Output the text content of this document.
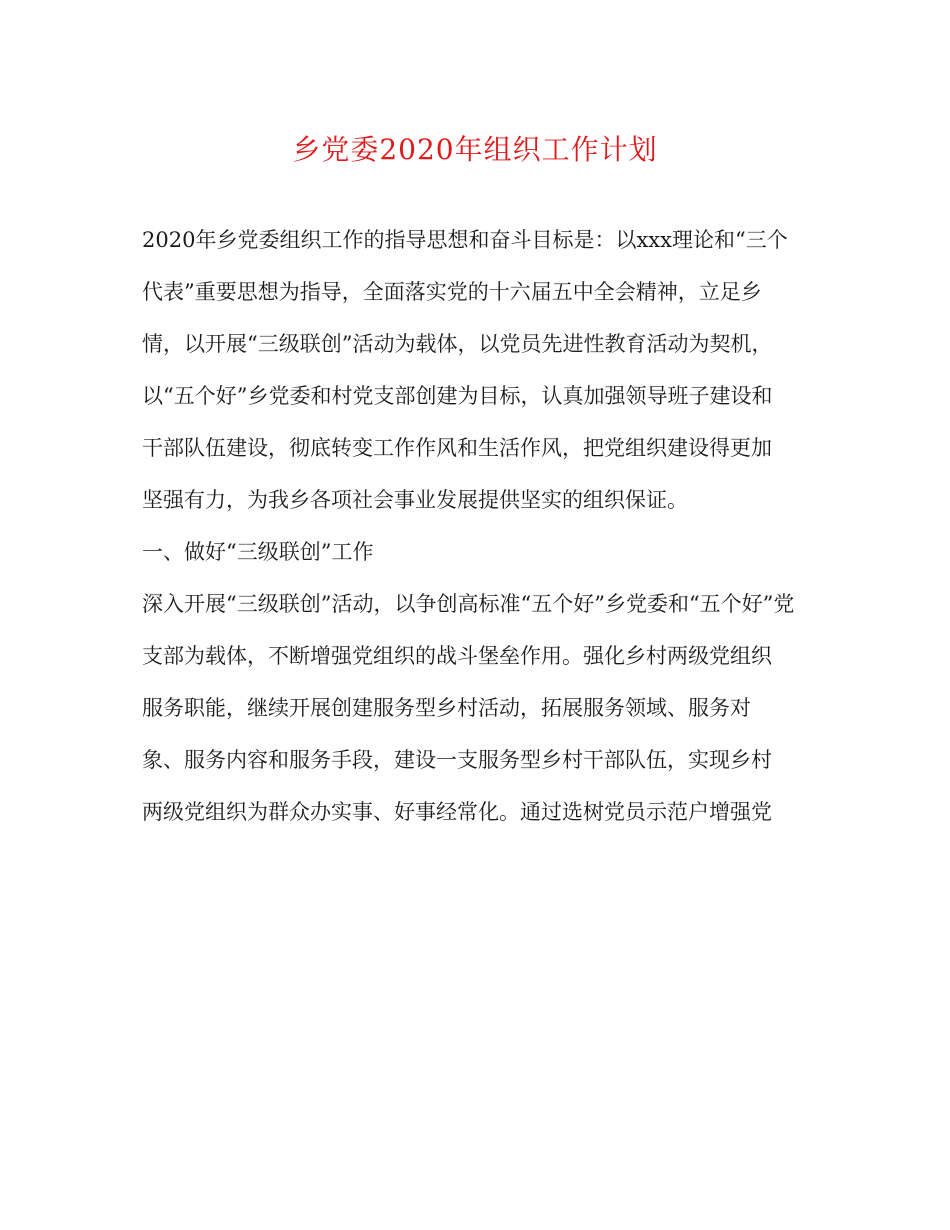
乡党委2020年组织工作计划
2020年乡党委组织工作的指导思想和奋斗目标是：以xxx理论和“三个
代表”重要思想为指导，全面落实党的十六届五中全会精神，立足乡
情，以开展“三级联创”活动为载体，以党员先进性教育活动为契机，
以“五个好”乡党委和村党支部创建为目标，认真加强领导班子建设和
干部队伍建设，彻底转变工作作风和生活作风，把党组织建设得更加
坚强有力，为我乡各项社会事业发展提供坚实的组织保证。
一、做好“三级联创”工作
深入开展“三级联创”活动，以争创高标准“五个好”乡党委和“五个好”党
支部为载体，不断增强党组织的战斗堡垒作用。强化乡村两级党组织
服务职能，继续开展创建服务型乡村活动，拓展服务领域、服务对
象、服务内容和服务手段，建设一支服务型乡村干部队伍，实现乡村
两级党组织为群众办实事、好事经常化。通过选树党员示范户增强党
